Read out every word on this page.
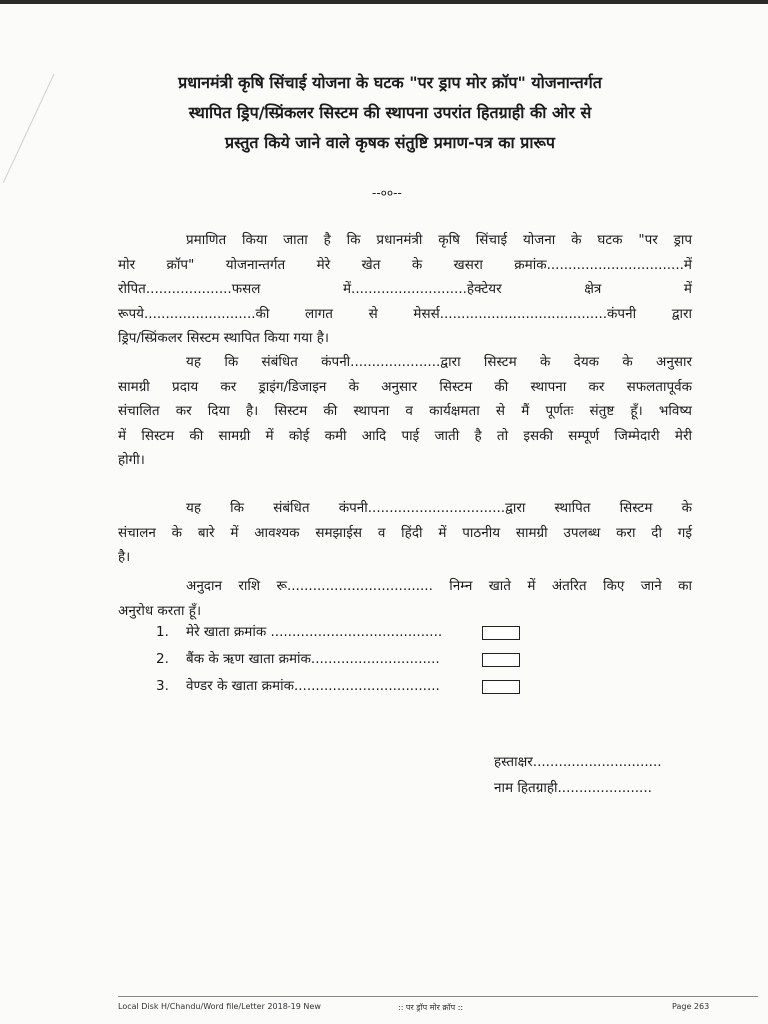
प्रधानमंत्री कृषि सिंचाई योजना के घटक "पर ड्राप मोर क्रॉप" योजनान्तर्गत
स्थापित ड्रिप/स्प्रिंकलर सिस्टम की स्थापना उपरांत हितग्राही की ओर से
प्रस्तुत किये जाने वाले कृषक संतुष्टि प्रमाण-पत्र का प्रारूप
--००--
प्रमाणित किया जाता है कि प्रधानमंत्री कृषि सिंचाई योजना के घटक "पर ड्राप
मोर क्रॉप" योजनान्तर्गत मेरे खेत के खसरा क्रमांक................................में
रोपित....................फसल में...........................हेक्टेयर क्षेत्र में
रूपये..........................की लागत से मेसर्स.......................................कंपनी द्वारा
ड्रिप/स्प्रिंकलर सिस्टम स्थापित किया गया है।
यह कि संबंधित कंपनी.....................द्वारा सिस्टम के देयक के अनुसार
सामग्री प्रदाय कर ड्राइंग/डिजाइन के अनुसार सिस्टम की स्थापना कर सफलतापूर्वक
संचालित कर दिया है। सिस्टम की स्थापना व कार्यक्षमता से मैं पूर्णतः संतुष्ट हूँ। भविष्य
में सिस्टम की सामग्री में कोई कमी आदि पाई जाती है तो इसकी सम्पूर्ण जिम्मेदारी मेरी
होगी।
यह कि संबंधित कंपनी................................द्वारा स्थापित सिस्टम के
संचालन के बारे में आवश्यक समझाईस व हिंदी में पाठनीय सामग्री उपलब्ध करा दी गई
है।
अनुदान राशि रू.................................. निम्न खाते में अंतरित किए जाने का
अनुरोध करता हूँ।
1. मेरे खाता क्रमांक ........................................
2. बैंक के ऋण खाता क्रमांक..............................
3. वेण्डर के खाता क्रमांक..................................
हस्ताक्षर..............................
नाम हितग्राही......................
Local Disk H/Chandu/Word file/Letter 2018-19 New	:: पर ड्रॉप मोर क्रॉप ::	Page 263
